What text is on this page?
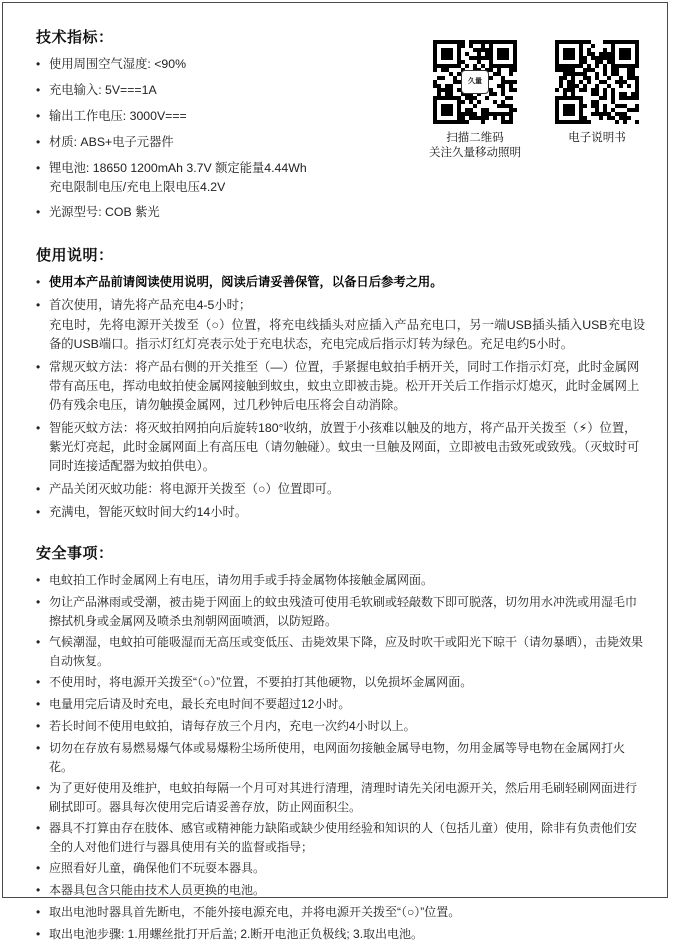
久量
扫描二维码
关注久量移动照明
电子说明书
技术指标：
• 使用周围空气湿度: <90%
• 充电输入: 5V===1A
• 输出工作电压: 3000V===
• 材质: ABS+电子元器件
• 锂电池: 18650 1200mAh 3.7V 额定能量4.44Wh
充电限制电压/充电上限电压4.2V
• 光源型号: COB 紫光
使用说明：
• 使用本产品前请阅读使用说明，阅读后请妥善保管，以备日后参考之用。
• 首次使用，请先将产品充电4-5小时；
充电时，先将电源开关拨至（○）位置，将充电线插头对应插入产品充电口，另一端USB插头插入USB充电设备的USB端口。指示灯红灯亮表示处于充电状态，充电完成后指示灯转为绿色。充足电约5小时。
• 常规灭蚊方法：将产品右侧的开关推至（—）位置，手紧握电蚊拍手柄开关，同时工作指示灯亮，此时金属网带有高压电，挥动电蚊拍使金属网接触到蚊虫，蚊虫立即被击毙。松开开关后工作指示灯熄灭，此时金属网上仍有残余电压，请勿触摸金属网，过几秒钟后电压将会自动消除。
• 智能灭蚊方法：将灭蚊拍网拍向后旋转180°收纳，放置于小孩难以触及的地方，将产品开关拨至（⚡）位置，紫光灯亮起，此时金属网面上有高压电（请勿触碰）。蚊虫一旦触及网面，立即被电击致死或致残。（灭蚊时可同时连接适配器为蚊拍供电）。
• 产品关闭灭蚊功能：将电源开关拨至（○）位置即可。
• 充满电，智能灭蚊时间大约14小时。
安全事项：
• 电蚊拍工作时金属网上有电压，请勿用手或手持金属物体接触金属网面。
• 勿让产品淋雨或受潮，被击毙于网面上的蚊虫残渣可使用毛软刷或轻敲数下即可脱落，切勿用水冲洗或用湿毛巾擦拭机身或金属网及喷杀虫剂朝网面喷洒，以防短路。
• 气候潮湿，电蚊拍可能吸湿而无高压或变低压、击毙效果下降，应及时吹干或阳光下晾干（请勿暴晒），击毙效果自动恢复。
• 不使用时，将电源开关拨至“（○）”位置，不要拍打其他硬物，以免损坏金属网面。
• 电量用完后请及时充电，最长充电时间不要超过12小时。
• 若长时间不使用电蚊拍，请每存放三个月内，充电一次约4小时以上。
• 切勿在存放有易燃易爆气体或易爆粉尘场所使用，电网面勿接触金属导电物，勿用金属等导电物在金属网打火花。
• 为了更好使用及维护，电蚊拍每隔一个月可对其进行清理，清理时请先关闭电源开关，然后用毛刷轻刷网面进行刷拭即可。器具每次使用完后请妥善存放，防止网面积尘。
• 器具不打算由存在肢体、感官或精神能力缺陷或缺少使用经验和知识的人（包括儿童）使用，除非有负责他们安全的人对他们进行与器具使用有关的监督或指导；
• 应照看好儿童，确保他们不玩耍本器具。
• 本器具包含只能由技术人员更换的电池。
• 取出电池时器具首先断电，不能外接电源充电，并将电源开关拨至“（○）”位置。
• 取出电池步骤: 1.用螺丝批打开后盖; 2.断开电池正负极线; 3.取出电池。
